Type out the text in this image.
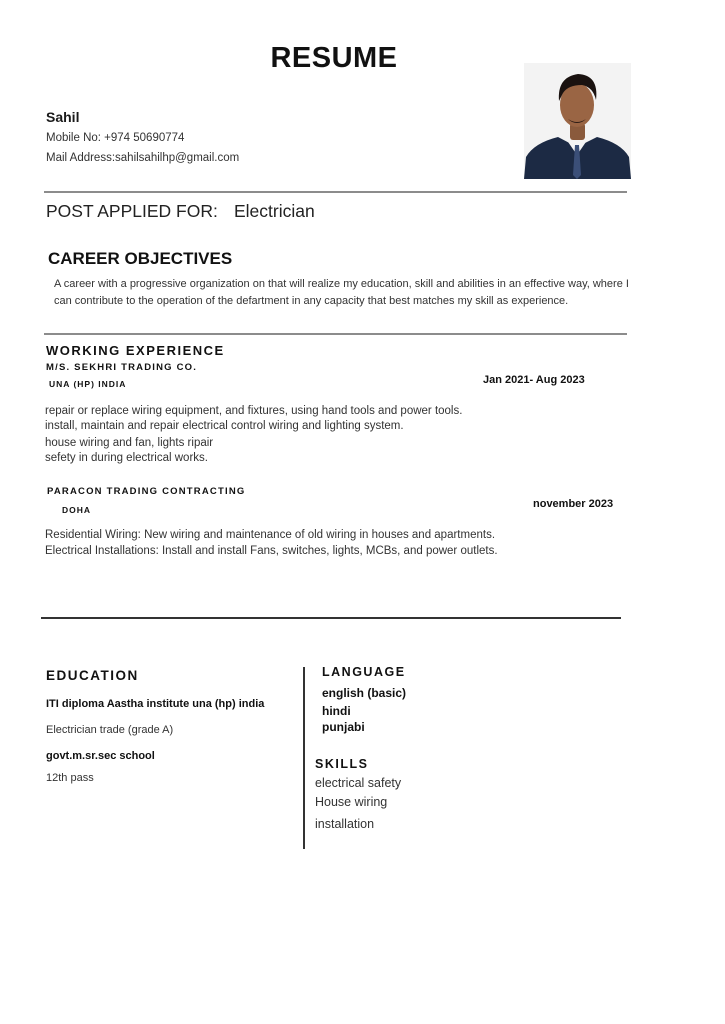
RESUME
Sahil
Mobile No: +974 50690774
Mail Address:sahilsahilhp@gmail.com
POST APPLIED FOR: Electrician
CAREER OBJECTIVES
A career with a progressive organization on that will realize my education, skill and abilities in an effective way, where I can contribute to the operation of the defartment in any capacity that best matches my skill as experience.
WORKING EXPERIENCE
M/S. SEKHRI TRADING CO.
UNA (HP) INDIA	Jan 2021- Aug 2023
repair or replace wiring equipment, and fixtures, using hand tools and power tools.
install, maintain and repair electrical control wiring and lighting system.
house wiring and fan, lights ripair
sefety in during electrical works.
PARACON TRADING CONTRACTING
DOHA	november 2023
Residential Wiring: New wiring and maintenance of old wiring in houses and apartments.
Electrical Installations: Install and install Fans, switches, lights, MCBs, and power outlets.
EDUCATION
ITI diploma Aastha institute una (hp) india
Electrician trade (grade A)
govt.m.sr.sec school
12th pass
LANGUAGE
english (basic)
hindi
punjabi
SKILLS
electrical safety
House wiring
installation
